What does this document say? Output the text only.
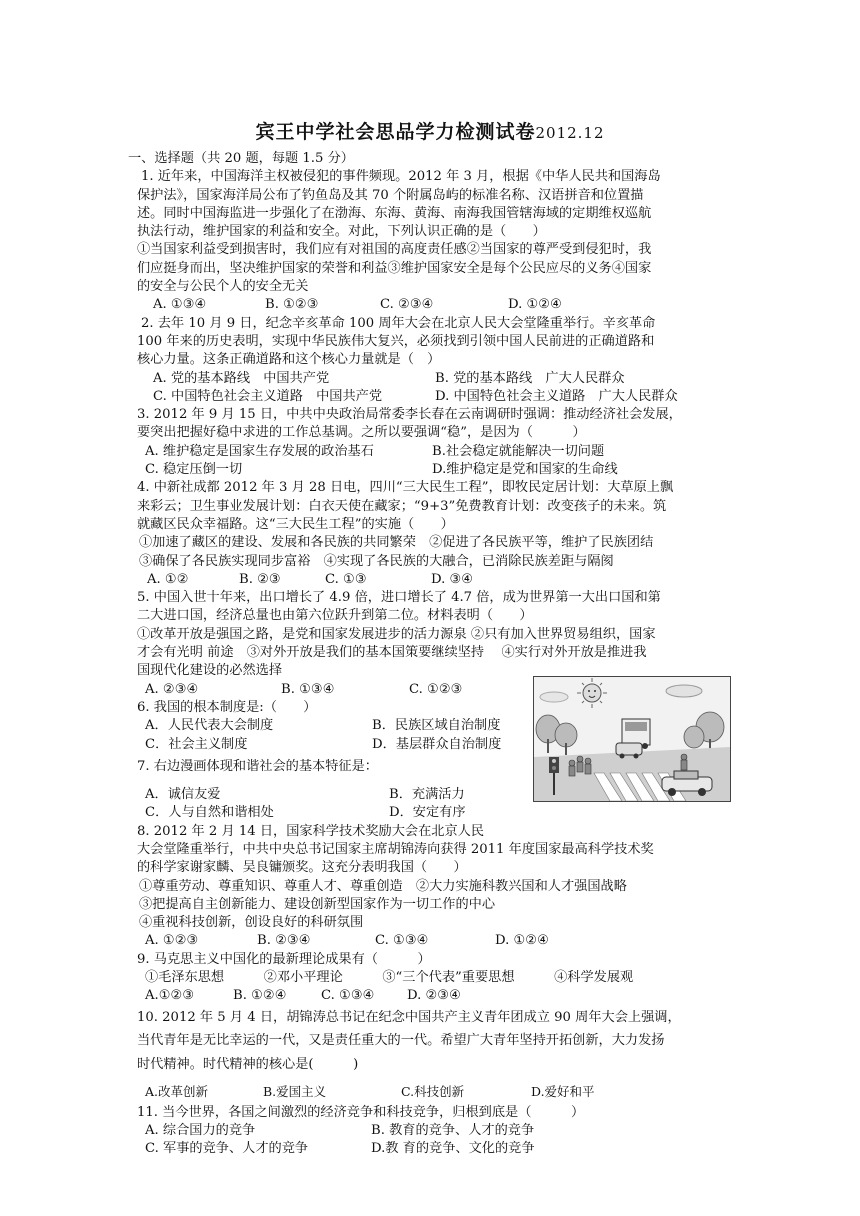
宾王中学社会思品学力检测试卷2012.12
一、选择题（共 20 题，每题 1.5 分）
1. 近年来，中国海洋主权被侵犯的事件频现。2012 年 3 月，根据《中华人民共和国海岛
保护法》，国家海洋局公布了钓鱼岛及其 70 个附属岛屿的标准名称、汉语拼音和位置描
述。同时中国海监进一步强化了在渤海、东海、黄海、南海我国管辖海域的定期维权巡航
执法行动，维护国家的利益和安全。对此，下列认识正确的是（　　）
①当国家利益受到损害时，我们应有对祖国的高度责任感②当国家的尊严受到侵犯时，我
们应挺身而出，坚决维护国家的荣誉和利益③维护国家安全是每个公民应尽的义务④国家
的安全与公民个人的安全无关
A. ①③④	B. ①②③	C. ②③④	D. ①②④
2. 去年 10 月 9 日，纪念辛亥革命 100 周年大会在北京人民大会堂隆重举行。辛亥革命
100 年来的历史表明，实现中华民族伟大复兴，必须找到引领中国人民前进的正确道路和
核心力量。这条正确道路和这个核心力量就是（　）
A. 党的基本路线　中国共产党	B. 党的基本路线　广大人民群众
C. 中国特色社会主义道路　中国共产党	D. 中国特色社会主义道路　广大人民群众
3. 2012 年 9 月 15 日，中共中央政治局常委李长春在云南调研时强调：推动经济社会发展，
要突出把握好稳中求进的工作总基调。之所以要强调“稳”，是因为（　　　）
A. 维护稳定是国家生存发展的政治基石	B.社会稳定就能解决一切问题
C. 稳定压倒一切	D.维护稳定是党和国家的生命线
4. 中新社成都 2012 年 3 月 28 日电，四川“三大民生工程”，即牧民定居计划：大草原上飘
来彩云；卫生事业发展计划：白衣天使在藏家；“9+3”免费教育计划：改变孩子的未来。筑
就藏区民众幸福路。这“三大民生工程”的实施（　　）
①加速了藏区的建设、发展和各民族的共同繁荣　②促进了各民族平等，维护了民族团结
③确保了各民族实现同步富裕　④实现了各民族的大融合，已消除民族差距与隔阂
A. ①②	B. ②③	C. ①③	D. ③④
5. 中国入世十年来，出口增长了 4.9 倍，进口增长了 4.7 倍，成为世界第一大出口国和第
二大进口国，经济总量也由第六位跃升到第二位。材料表明（　　）
①改革开放是强国之路，是党和国家发展进步的活力源泉 ②只有加入世界贸易组织，国家
才会有光明 前途　③对外开放是我们的基本国策要继续坚持　 ④实行对外开放是推进我
国现代化建设的必然选择
A. ②③④	B. ①③④	C. ①②③
6. 我国的根本制度是:（　　）
A．人民代表大会制度	B．民族区域自治制度
C．社会主义制度	D．基层群众自治制度
7. 右边漫画体现和谐社会的基本特征是：
A．诚信友爱	B．充满活力
C．人与自然和谐相处	D．安定有序
8. 2012 年 2 月 14 日，国家科学技术奖励大会在北京人民
大会堂隆重举行，中共中央总书记国家主席胡锦涛向获得 2011 年度国家最高科学技术奖
的科学家谢家麟、吴良镛颁奖。这充分表明我国（　　）
①尊重劳动、尊重知识、尊重人才、尊重创造　②大力实施科教兴国和人才强国战略
③把提高自主创新能力、建设创新型国家作为一切工作的中心
④重视科技创新，创设良好的科研氛围
A. ①②③	B. ②③④	C. ①③④	D. ①②④
9. 马克思主义中国化的最新理论成果有（　　　）
①毛泽东思想　　　②邓小平理论　　　③“三个代表”重要思想　　　④科学发展观
A.①②③	B. ①②④	C. ①③④ D. ②③④
10. 2012 年 5 月 4 日，胡锦涛总书记在纪念中国共产主义青年团成立 90 周年大会上强调，
当代青年是无比幸运的一代，又是责任重大的一代。希望广大青年坚持开拓创新，大力发扬
时代精神。时代精神的核心是(　　　)
A.改革创新	B.爱国主义	C.科技创新	D.爱好和平
11. 当今世界，各国之间激烈的经济竞争和科技竞争，归根到底是（　　　）
A. 综合国力的竞争	B. 教育的竞争、人才的竞争
C. 军事的竞争、人才的竞争	D.教 育的竞争、文化的竞争
